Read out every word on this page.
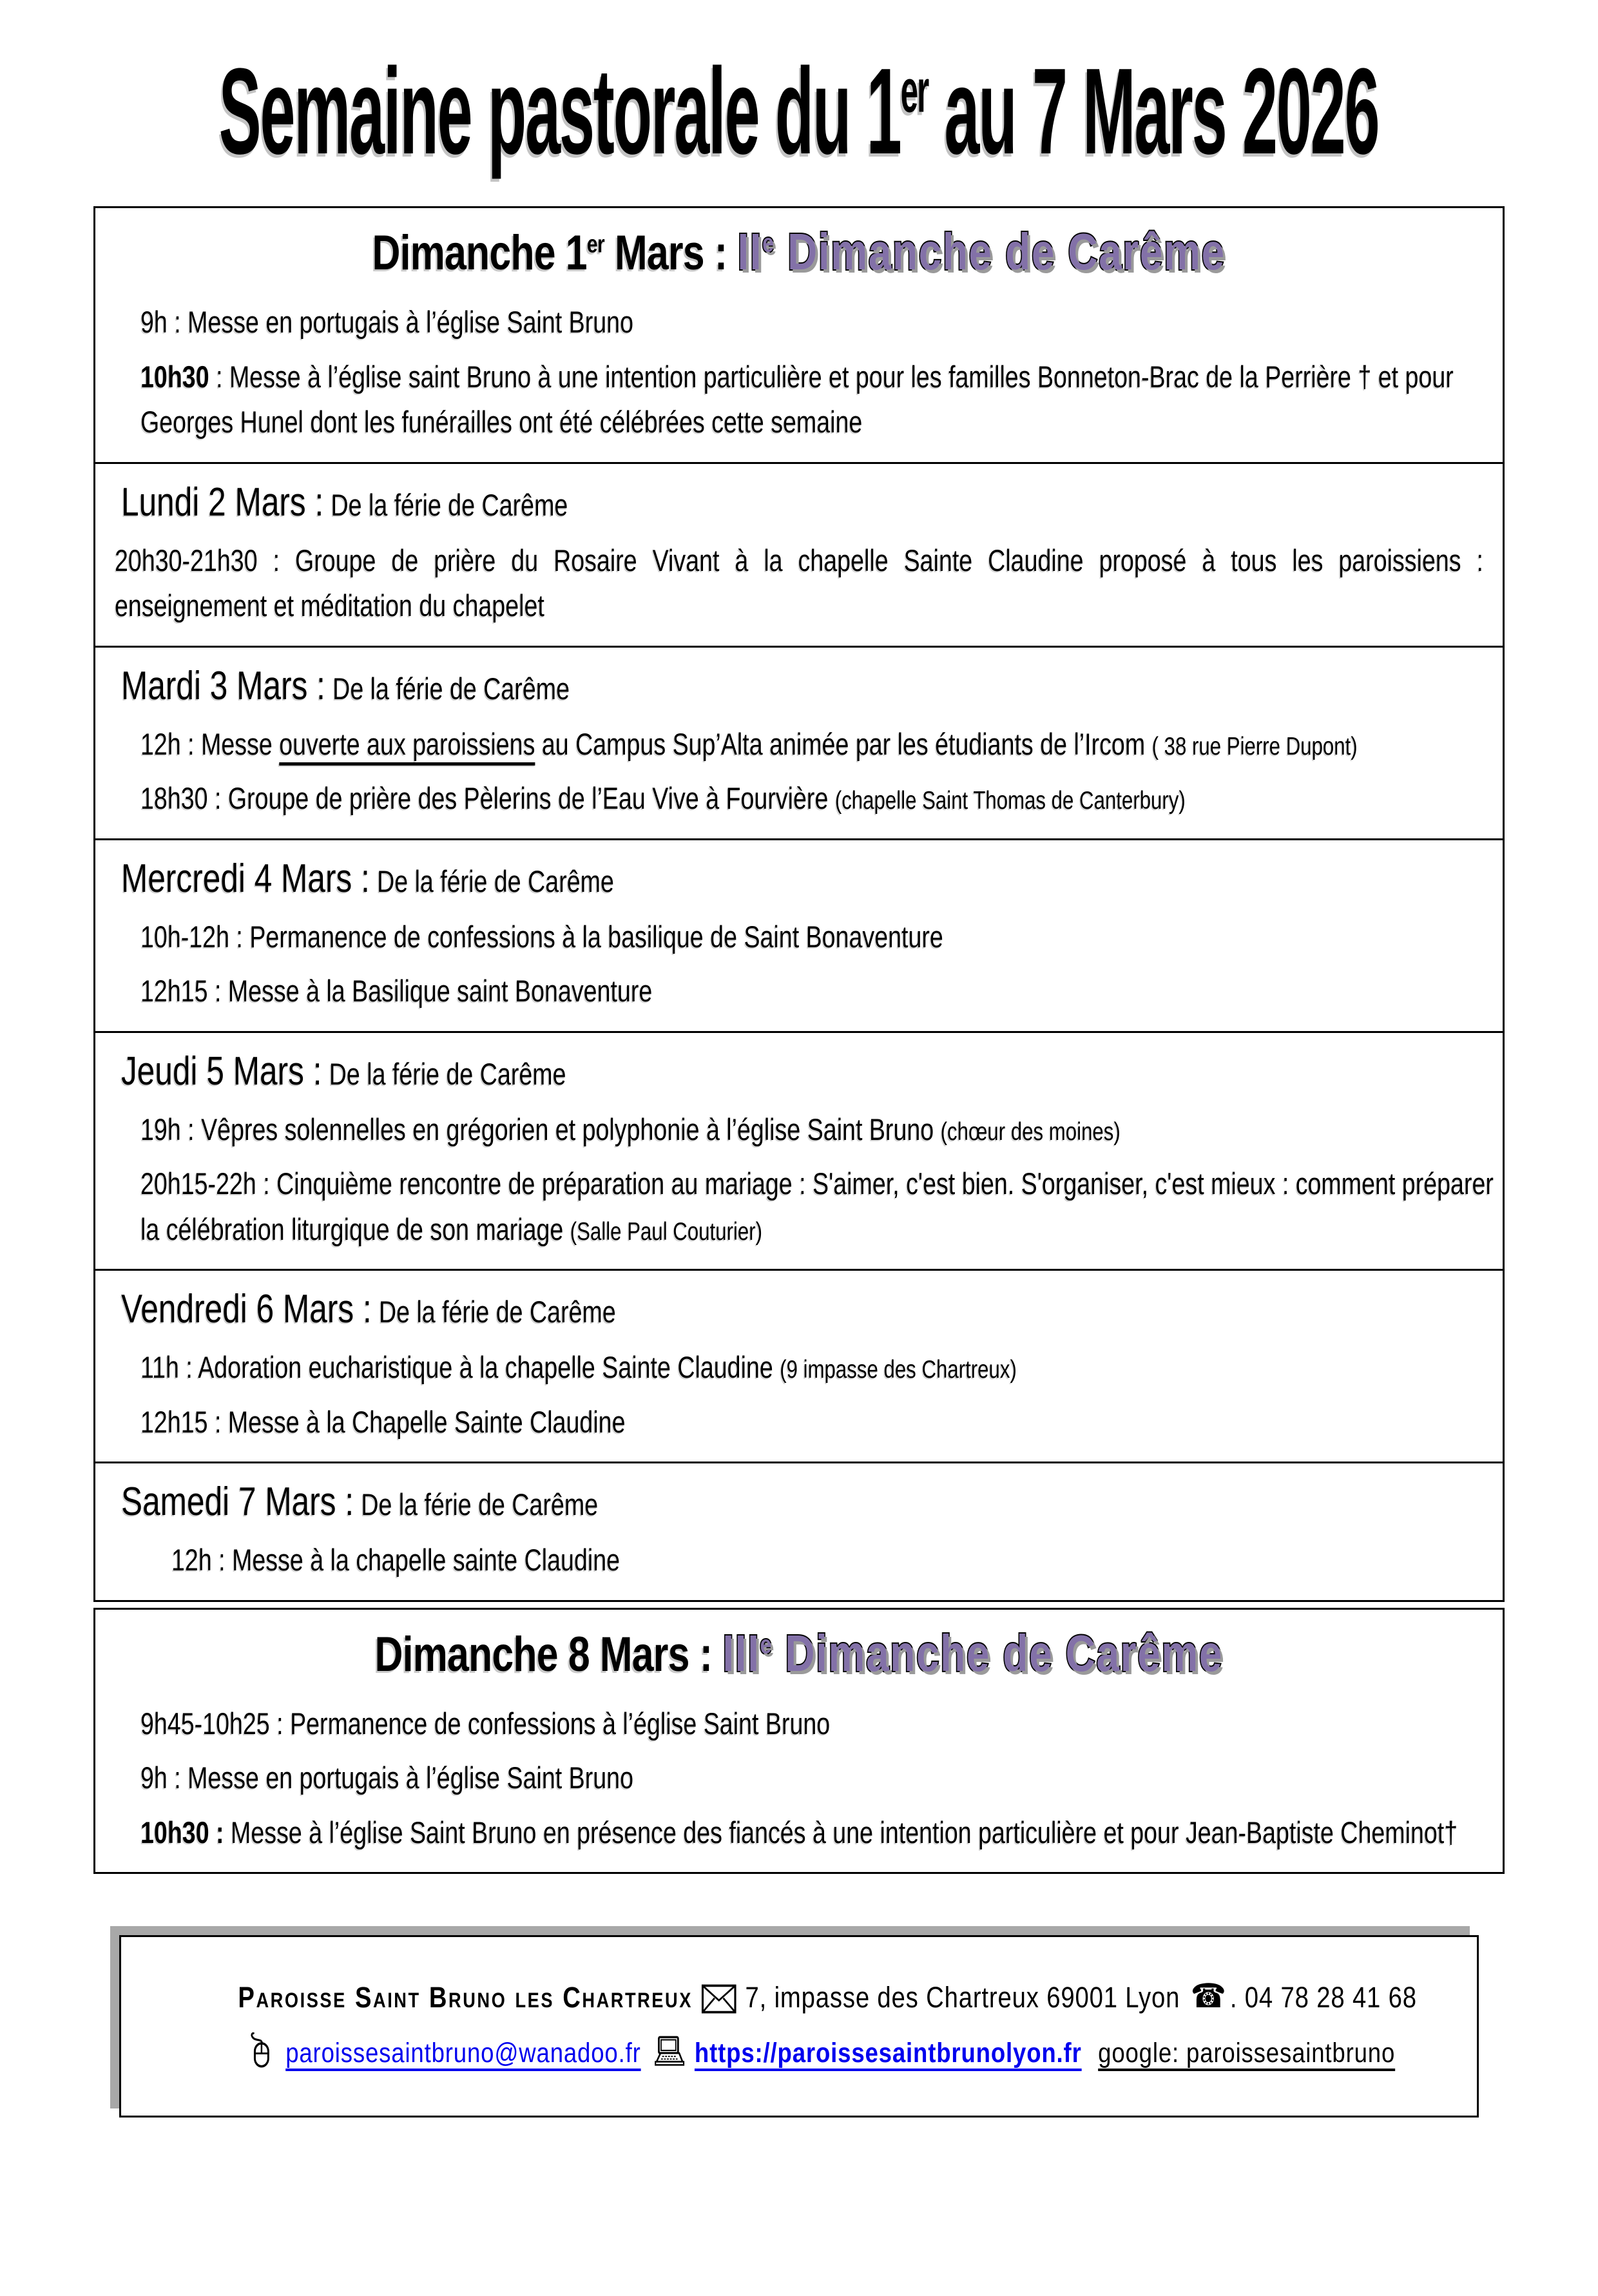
Semaine pastorale du 1er au 7 Mars 2026
Dimanche 1er Mars : IIe Dimanche de Carême

9h : Messe en portugais à l’église Saint Bruno

10h30 : Messe à l’église saint Bruno à une intention particulière et pour les familles Bonneton-Brac de la Perrière † et pour Georges Hunel dont les funérailles ont été célébrées cette semaine

Lundi 2 Mars : De la férie de Carême

20h30-21h30 : Groupe de prière du Rosaire Vivant à la chapelle Sainte Claudine proposé à tous les paroissiens : enseignement et méditation du chapelet

Mardi 3 Mars : De la férie de Carême

12h : Messe ouverte aux paroissiens au Campus Sup’Alta animée par les étudiants de l’Ircom ( 38 rue Pierre Dupont)

18h30 : Groupe de prière des Pèlerins de l’Eau Vive à Fourvière (chapelle Saint Thomas de Canterbury)

Mercredi 4 Mars : De la férie de Carême

10h-12h : Permanence de confessions à la basilique de Saint Bonaventure

12h15 : Messe à la Basilique saint Bonaventure

Jeudi 5 Mars : De la férie de Carême

19h : Vêpres solennelles en grégorien et polyphonie à l’église Saint Bruno (chœur des moines)

20h15-22h : Cinquième rencontre de préparation au mariage : S'aimer, c'est bien. S'organiser, c'est mieux : comment préparer la célébration liturgique de son mariage (Salle Paul Couturier)

Vendredi 6 Mars : De la férie de Carême

11h : Adoration eucharistique à la chapelle Sainte Claudine (9 impasse des Chartreux)

12h15 : Messe à la Chapelle Sainte Claudine

Samedi 7 Mars : De la férie de Carême

12h : Messe à la chapelle sainte Claudine

Dimanche 8 Mars : IIIe Dimanche de Carême

9h45-10h25 : Permanence de confessions à l’église Saint Bruno

9h : Messe en portugais à l’église Saint Bruno

10h30 : Messe à l’église Saint Bruno en présence des fiancés à une intention particulière et pour Jean-Baptiste Cheminot†

Paroisse Saint Bruno les Chartreux 7, impasse des Chartreux 69001 Lyon ☎ . 04 78 28 41 68
paroissesaintbruno@wanadoo.fr https://paroissesaintbrunolyon.fr google: paroissesaintbruno
